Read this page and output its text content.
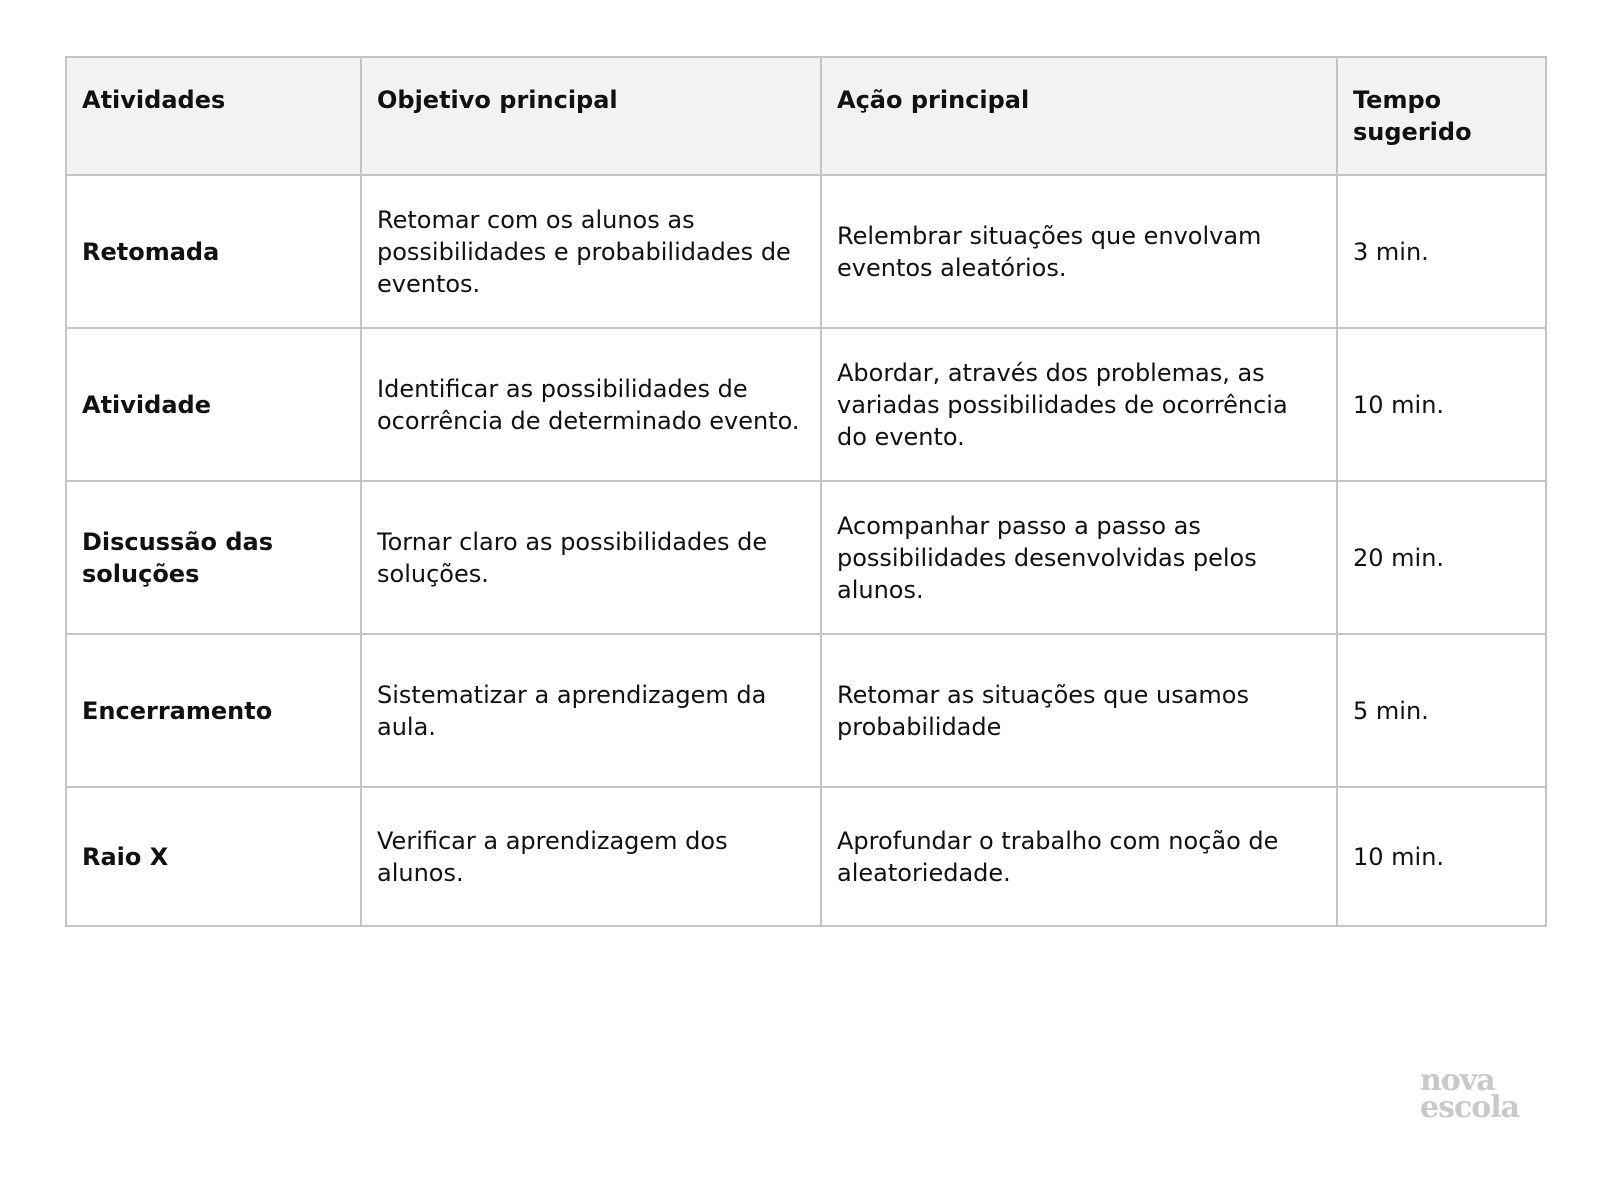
Atividades	Objetivo principal	Ação principal	Tempo sugerido
Retomada	Retomar com os alunos as possibilidades e probabilidades de eventos.	Relembrar situações que envolvam eventos aleatórios.	3 min.
Atividade	Identificar as possibilidades de ocorrência de determinado evento.	Abordar, através dos problemas, as variadas possibilidades de ocorrência do evento.	10 min.
Discussão das soluções	Tornar claro as possibilidades de soluções.	Acompanhar passo a passo as possibilidades desenvolvidas pelos alunos.	20 min.
Encerramento	Sistematizar a aprendizagem da aula.	Retomar as situações que usamos probabilidade	5 min.
Raio X	Verificar a aprendizagem dos alunos.	Aprofundar o trabalho com noção de aleatoriedade.	10 min.
nova
escola
